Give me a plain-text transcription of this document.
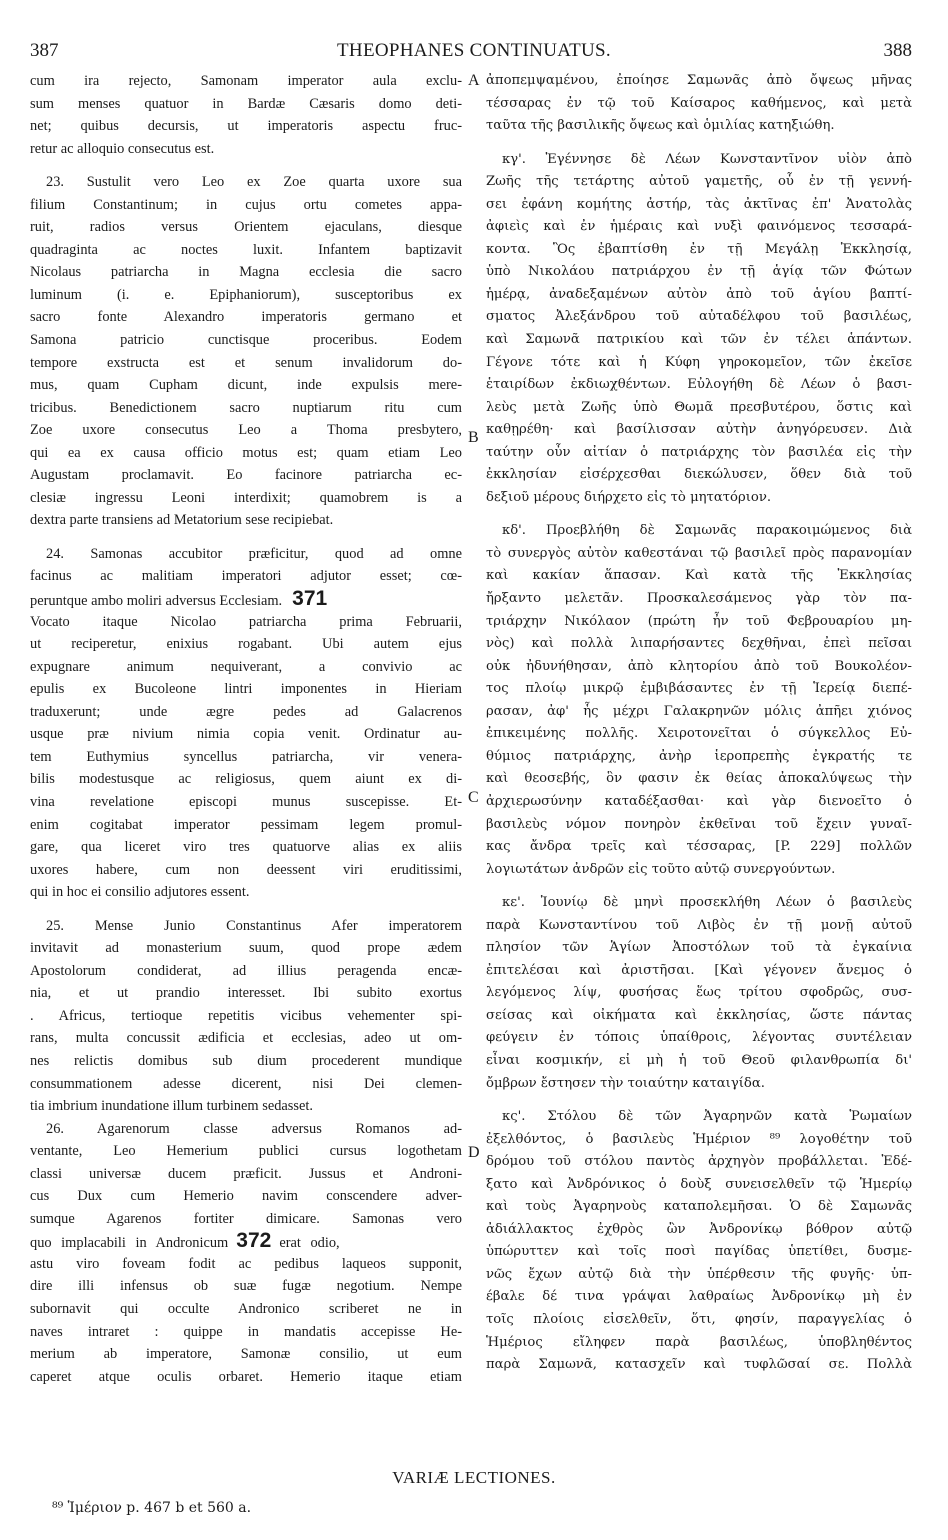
THEOPHANES CONTINUATUS.
387	388
cum ira rejecto, Samonam imperator aula exclu-
sum menses quatuor in Bardæ Cæsaris domo deti-
net; quibus decursis, ut imperatoris aspectu fruc-
retur ac alloquio consecutus est.
23. Sustulit vero Leo ex Zoe quarta uxore sua
filium Constantinum; in cujus ortu cometes appa-
ruit, radios versus Orientem ejaculans, diesque
quadraginta ac noctes luxit. Infantem baptizavit
Nicolaus patriarcha in Magna ecclesia die sacro
luminum (i. e. Epiphaniorum), susceptoribus ex
sacro fonte Alexandro imperatoris germano et
Samona patricio cunctisque proceribus. Eodem
tempore exstructa est et senum invalidorum do-
mus, quam Cupham dicunt, inde expulsis mere-
tricibus. Benedictionem sacro nuptiarum ritu cum
Zoe uxore consecutus Leo a Thoma presbytero,
qui ea ex causa officio motus est; quam etiam Leo
Augustam proclamavit. Eo facinore patriarcha ec-
clesiæ ingressu Leoni interdixit; quamobrem is a
dextra parte transiens ad Metatorium sese recipiebat.
24. Samonas accubitor præficitur, quod ad omne
facinus ac malitiam imperatori adjutor esset; cœ-
peruntque ambo moliri adversus Ecclesiam. 371
Vocato itaque Nicolao patriarcha prima Februarii,
ut reciperetur, enixius rogabant. Ubi autem ejus
expugnare animum nequiverant, a convivio ac
epulis ex Bucoleone lintri imponentes in Hieriam
traduxerunt; unde ægre pedes ad Galacrenos
usque præ nivium nimia copia venit. Ordinatur au-
tem Euthymius syncellus patriarcha, vir venera-
bilis modestusque ac religiosus, quem aiunt ex di-
vina revelatione episcopi munus suscepisse. Et-
enim cogitabat imperator pessimam legem promul-
gare, qua liceret viro tres quatuorve alias ex aliis
uxores habere, cum non deessent viri eruditissimi,
qui in hoc ei consilio adjutores essent.
25. Mense Junio Constantinus Afer imperatorem
invitavit ad monasterium suum, quod prope ædem
Apostolorum condiderat, ad illius peragenda encæ-
nia, et ut prandio interesset. Ibi subito exortus
. Africus, tertioque repetitis vicibus vehementer spi-
rans, multa concussit ædificia et ecclesias, adeo ut om-
nes relictis domibus sub dium procederent mundique
consummationem adesse dicerent, nisi Dei clemen-
tia imbrium inundatione illum turbinem sedasset.
26. Agarenorum classe adversus Romanos ad-
ventante, Leo Hemerium publici cursus logothetam
classi universæ ducem præficit. Jussus et Androni-
cus Dux cum Hemerio navim conscendere adver-
sumque Agarenos fortiter dimicare. Samonas vero
quo implacabili in Andronicum 372 erat odio,
astu viro foveam fodit ac pedibus laqueos supponit,
dire illi infensus ob suæ fugæ negotium. Nempe
subornavit qui occulte Andronico scriberet ne in
naves intraret : quippe in mandatis accepisse He-
merium ab imperatore, Samonæ consilio, ut eum
caperet atque oculis orbaret. Hemerio itaque etiam
ἀποπεμψαμένου, ἐποίησε Σαμωνᾶς ἀπὸ ὄψεως μῆνας
τέσσαρας ἐν τῷ τοῦ Καίσαρος καθήμενος, καὶ μετὰ
ταῦτα τῆς βασιλικῆς ὄψεως καὶ ὁμιλίας κατηξιώθη.
κγ'. Ἐγέννησε δὲ Λέων Κωνσταντῖνον υἱὸν ἀπὸ
Ζωῆς τῆς τετάρτης αὐτοῦ γαμετῆς, οὗ ἐν τῇ γεννή-
σει ἐφάνη κομήτης ἀστήρ, τὰς ἀκτῖνας ἐπ' Ἀνατολὰς
ἀφιεὶς καὶ ἐν ἡμέραις καὶ νυξὶ φαινόμενος τεσσαρά-
κοντα. Ὃς ἐβαπτίσθη ἐν τῇ Μεγάλῃ Ἐκκλησίᾳ,
ὑπὸ Νικολάου πατριάρχου ἐν τῇ ἁγίᾳ τῶν Φώτων
ἡμέρᾳ, ἀναδεξαμένων αὐτὸν ἀπὸ τοῦ ἁγίου βαπτί-
σματος Ἀλεξάνδρου τοῦ αὐταδέλφου τοῦ βασιλέως,
καὶ Σαμωνᾶ πατρικίου καὶ τῶν ἐν τέλει ἁπάντων.
Γέγονε τότε καὶ ἡ Κύφη γηροκομεῖον, τῶν ἐκεῖσε
ἑταιρίδων ἐκδιωχθέντων. Εὐλογήθη δὲ Λέων ὁ βασι-
λεὺς μετὰ Ζωῆς ὑπὸ Θωμᾶ πρεσβυτέρου, ὅστις καὶ
καθῃρέθη· καὶ βασίλισσαν αὐτὴν ἀνηγόρευσεν. Διὰ
ταύτην οὖν αἰτίαν ὁ πατριάρχης τὸν βασιλέα εἰς τὴν
ἐκκλησίαν εἰσέρχεσθαι διεκώλυσεν, ὅθεν διὰ τοῦ
δεξιοῦ μέρους διήρχετο εἰς τὸ μητατόριον.
κδ'. Προεβλήθη δὲ Σαμωνᾶς παρακοιμώμενος διὰ
τὸ συνεργὸς αὐτὸν καθεστάναι τῷ βασιλεῖ πρὸς παρανομίαν
καὶ κακίαν ἅπασαν. Καὶ κατὰ τῆς Ἐκκλησίας
ἤρξαντο μελετᾶν. Προσκαλεσάμενος γὰρ τὸν πα-
τριάρχην Νικόλαον (πρώτη ἦν τοῦ Φεβρουαρίου μη-
νὸς) καὶ πολλὰ λιπαρήσαντες δεχθῆναι, ἐπεὶ πεῖσαι
οὐκ ἠδυνήθησαν, ἀπὸ κλητορίου ἀπὸ τοῦ Βουκολέον-
τος πλοίῳ μικρῷ ἐμβιβάσαντες ἐν τῇ Ἱερείᾳ διεπέ-
ρασαν, ἀφ' ἧς μέχρι Γαλακρηνῶν μόλις ἀπῆει χιόνος
ἐπικειμένης πολλῆς. Χειροτονεῖται ὁ σύγκελλος Εὐ-
θύμιος πατριάρχης, ἀνὴρ ἱεροπρεπὴς ἐγκρατής τε
καὶ θεοσεβής, ὃν φασιν ἐκ θείας ἀποκαλύψεως τὴν
ἀρχιερωσύνην καταδέξασθαι· καὶ γὰρ διενοεῖτο ὁ
βασιλεὺς νόμον πονηρὸν ἐκθεῖναι τοῦ ἔχειν γυναῖ-
κας ἄνδρα τρεῖς καὶ τέσσαρας, [P. 229] πολλῶν
λογιωτάτων ἀνδρῶν εἰς τοῦτο αὐτῷ συνεργούντων.
κε'. Ἰουνίῳ δὲ μηνὶ προσεκλήθη Λέων ὁ βασιλεὺς
παρὰ Κωνσταντίνου τοῦ Λιβὸς ἐν τῇ μονῇ αὐτοῦ
πλησίον τῶν Ἁγίων Ἀποστόλων τοῦ τὰ ἐγκαίνια
ἐπιτελέσαι καὶ ἀριστῆσαι. [Καὶ γέγονεν ἄνεμος ὁ
λεγόμενος λίψ, φυσήσας ἕως τρίτου σφοδρῶς, συσ-
σείσας καὶ οἰκήματα καὶ ἐκκλησίας, ὥστε πάντας
φεύγειν ἐν τόποις ὑπαίθροις, λέγοντας συντέλειαν
εἶναι κοσμικήν, εἰ μὴ ἡ τοῦ Θεοῦ φιλανθρωπία δι'
ὄμβρων ἔστησεν τὴν τοιαύτην καταιγίδα.
κς'. Στόλου δὲ τῶν Ἀγαρηνῶν κατὰ Ῥωμαίων
ἐξελθόντος, ὁ βασιλεὺς Ἡμέριον ⁸⁹ λογοθέτην τοῦ
δρόμου τοῦ στόλου παντὸς ἀρχηγὸν προβάλλεται. Ἐδέ-
ξατο καὶ Ἀνδρόνικος ὁ δοὺξ συνεισελθεῖν τῷ Ἡμερίῳ
καὶ τοὺς Ἀγαρηνοὺς καταπολεμῆσαι. Ὁ δὲ Σαμωνᾶς
ἀδιάλλακτος ἐχθρὸς ὢν Ἀνδρονίκῳ βόθρον αὐτῷ
ὑπώρυττεν καὶ τοῖς ποσὶ παγίδας ὑπετίθει, δυσμε-
νῶς ἔχων αὐτῷ διὰ τὴν ὑπέρθεσιν τῆς φυγῆς· ὑπ-
έβαλε δέ τινα γράψαι λαθραίως Ἀνδρονίκῳ μὴ ἐν
τοῖς πλοίοις εἰσελθεῖν, ὅτι, φησίν, παραγγελίας ὁ
Ἡμέριος εἴληφεν παρὰ βασιλέως, ὑποβληθέντος
παρὰ Σαμωνᾶ, κατασχεῖν καὶ τυφλῶσαί σε. Πολλὰ
A
B
C
D
VARIÆ LECTIONES.
⁸⁹ Ἱμέριον p. 467 b et 560 a.
